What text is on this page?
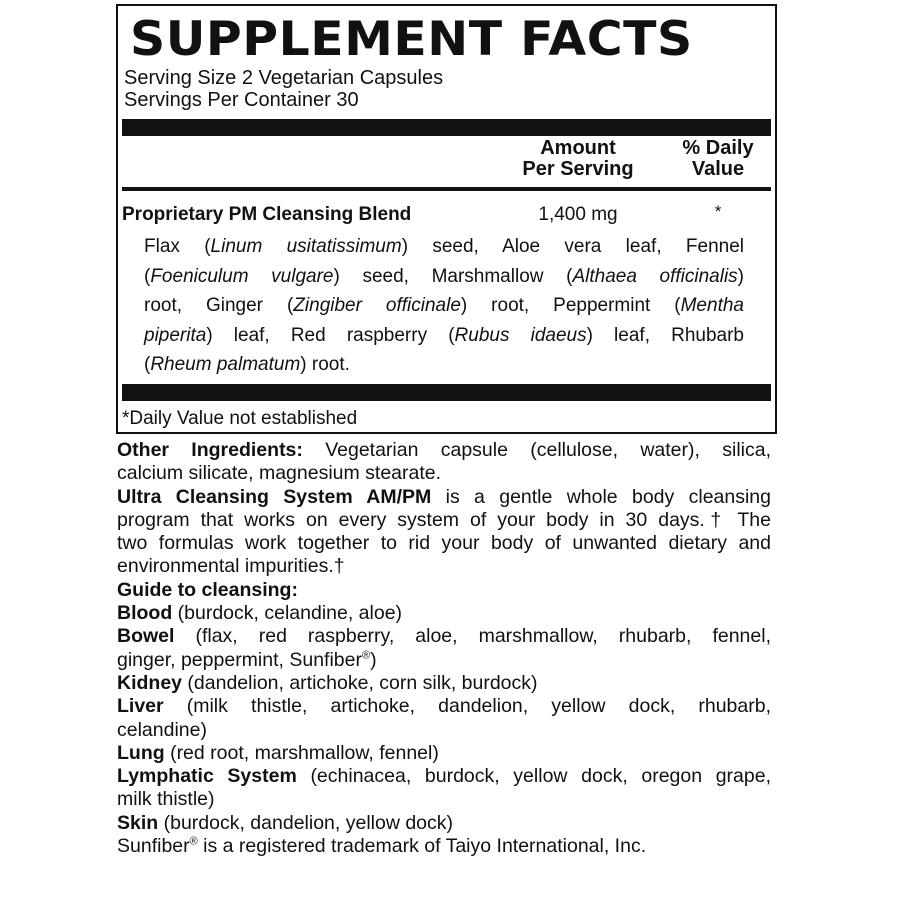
SUPPLEMENT FACTS
Serving Size 2 Vegetarian Capsules
Servings Per Container 30
Amount
Per Serving
% Daily
Value
Proprietary PM Cleansing Blend	1,400 mg	*
Flax (Linum usitatissimum) seed, Aloe vera leaf, Fennel
(Foeniculum vulgare) seed, Marshmallow (Althaea officinalis)
root, Ginger (Zingiber officinale) root, Peppermint (Mentha
piperita) leaf, Red raspberry (Rubus idaeus) leaf, Rhubarb
(Rheum palmatum) root.
*Daily Value not established
Other Ingredients: Vegetarian capsule (cellulose, water), silica,
calcium silicate, magnesium stearate.
Ultra Cleansing System AM/PM is a gentle whole body cleansing
program that works on every system of your body in 30 days.† The
two formulas work together to rid your body of unwanted dietary and
environmental impurities.†
Guide to cleansing:
Blood (burdock, celandine, aloe)
Bowel (flax, red raspberry, aloe, marshmallow, rhubarb, fennel,
ginger, peppermint, Sunfiber®)
Kidney (dandelion, artichoke, corn silk, burdock)
Liver (milk thistle, artichoke, dandelion, yellow dock, rhubarb,
celandine)
Lung (red root, marshmallow, fennel)
Lymphatic System (echinacea, burdock, yellow dock, oregon grape,
milk thistle)
Skin (burdock, dandelion, yellow dock)
Sunfiber® is a registered trademark of Taiyo International, Inc.
